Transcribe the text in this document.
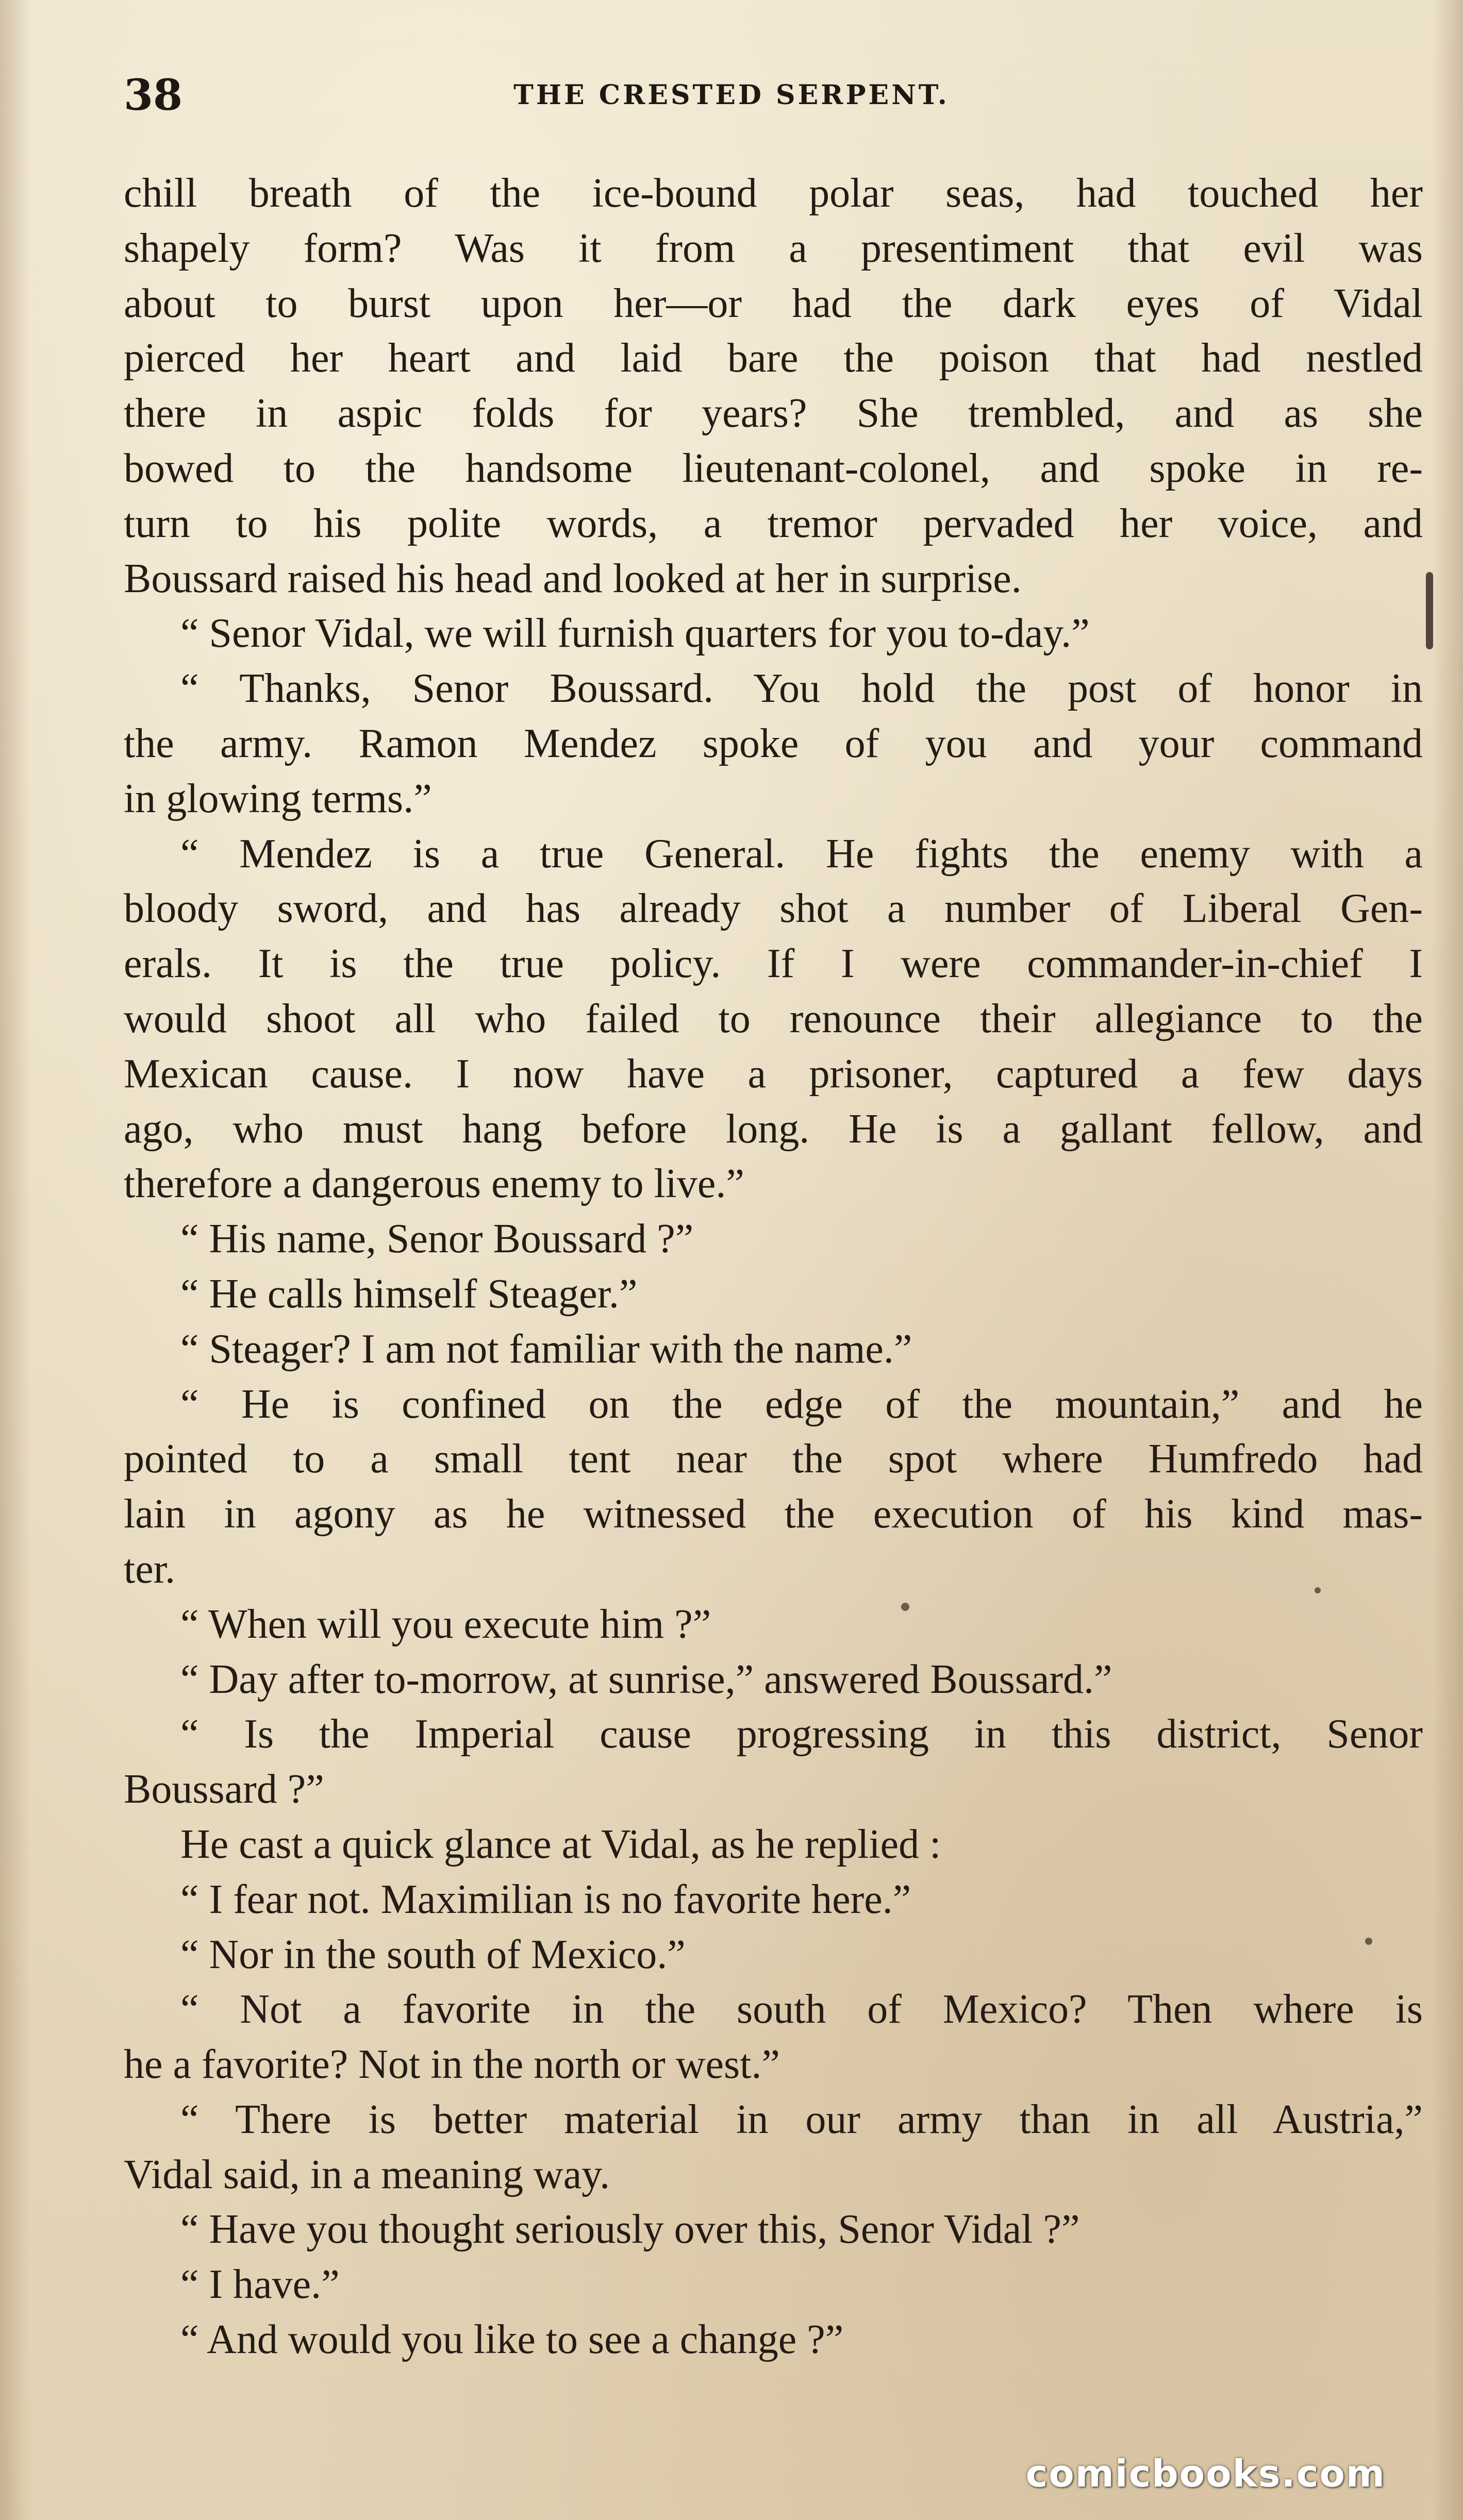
38	THE CRESTED SERPENT.
chill breath of the ice-bound polar seas, had touched her
shapely form? Was it from a presentiment that evil was
about to burst upon her—or had the dark eyes of Vidal
pierced her heart and laid bare the poison that had nestled
there in aspic folds for years? She trembled, and as she
bowed to the handsome lieutenant-colonel, and spoke in re-
turn to his polite words, a tremor pervaded her voice, and
Boussard raised his head and looked at her in surprise.
“ Senor Vidal, we will furnish quarters for you to-day.”
“ Thanks, Senor Boussard. You hold the post of honor in
the army. Ramon Mendez spoke of you and your command
in glowing terms.”
“ Mendez is a true General. He fights the enemy with a
bloody sword, and has already shot a number of Liberal Gen-
erals. It is the true policy. If I were commander-in-chief I
would shoot all who failed to renounce their allegiance to the
Mexican cause. I now have a prisoner, captured a few days
ago, who must hang before long. He is a gallant fellow, and
therefore a dangerous enemy to live.”
“ His name, Senor Boussard ?”
“ He calls himself Steager.”
“ Steager? I am not familiar with the name.”
“ He is confined on the edge of the mountain,” and he
pointed to a small tent near the spot where Humfredo had
lain in agony as he witnessed the execution of his kind mas-
ter.
“ When will you execute him ?”
“ Day after to-morrow, at sunrise,” answered Boussard.”
“ Is the Imperial cause progressing in this district, Senor
Boussard ?”
He cast a quick glance at Vidal, as he replied :
“ I fear not. Maximilian is no favorite here.”
“ Nor in the south of Mexico.”
“ Not a favorite in the south of Mexico? Then where is
he a favorite? Not in the north or west.”
“ There is better material in our army than in all Austria,”
Vidal said, in a meaning way.
“ Have you thought seriously over this, Senor Vidal ?”
“ I have.”
“ And would you like to see a change ?”
comicbooks.com
